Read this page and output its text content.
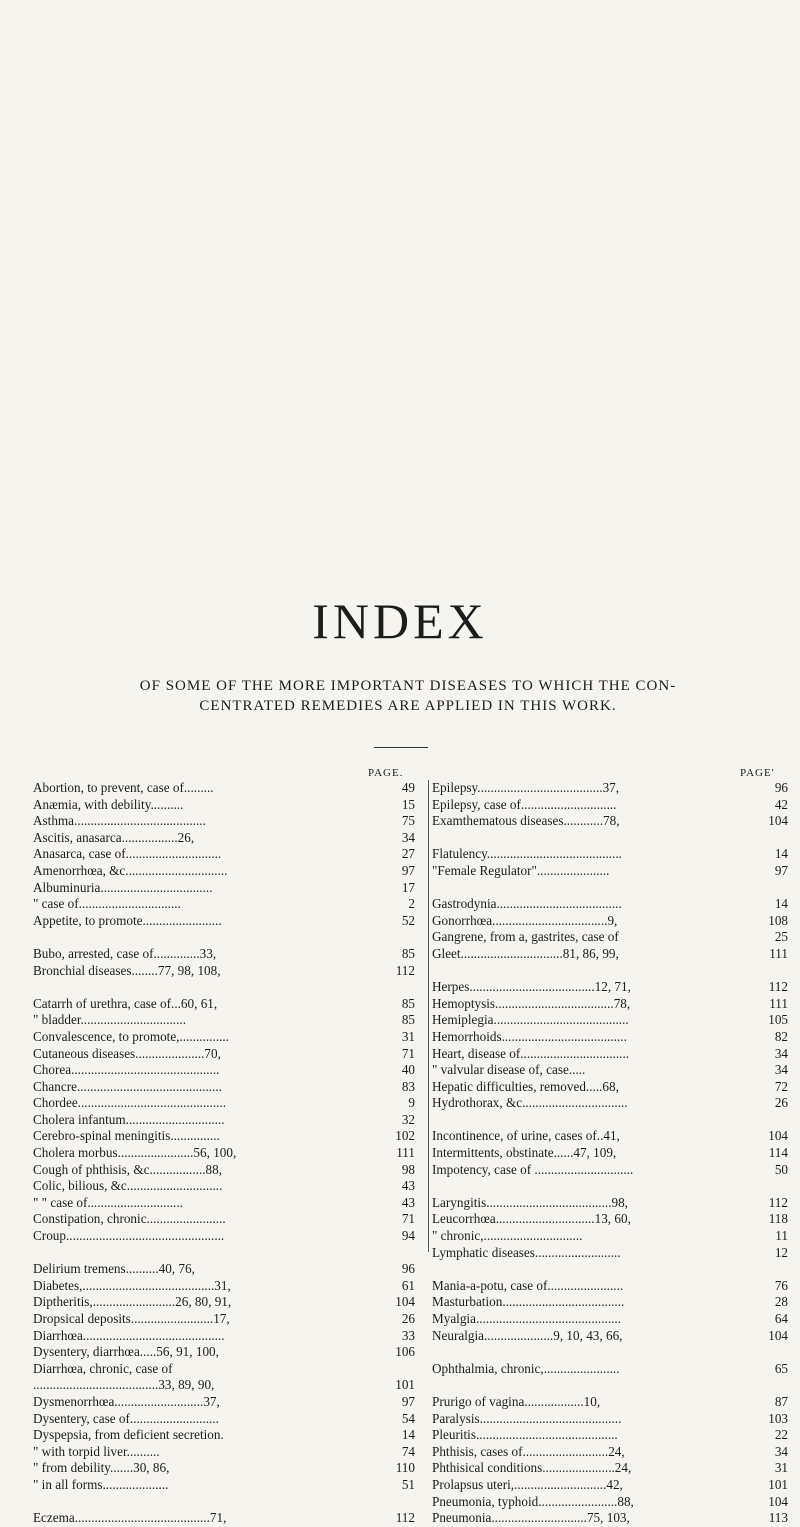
INDEX
OF SOME OF THE MORE IMPORTANT DISEASES TO WHICH THE CON-
CENTRATED REMEDIES ARE APPLIED IN THIS WORK.
PAGE.	PAGE'
Abortion, to prevent, case of.........	49
Anæmia, with debility..........	15
Asthma........................................	75
Ascitis, anasarca.................26,	34
Anasarca, case of.............................	27
Amenorrhœa, &c...............................	97
Albuminuria..................................	17
" case of...............................	2
Appetite, to promote........................	52
Bubo, arrested, case of..............33,	85
Bronchial diseases........77, 98, 108,	112
Catarrh of urethra, case of...60, 61,	85
" bladder................................	85
Convalescence, to promote,...............	31
Cutaneous diseases.....................70,	71
Chorea.............................................	40
Chancre............................................	83
Chordee.............................................	9
Cholera infantum..............................	32
Cerebro-spinal meningitis...............	102
Cholera morbus.......................56, 100,	111
Cough of phthisis, &c.................88,	98
Colic, bilious, &c.............................	43
" " case of.............................	43
Constipation, chronic........................	71
Croup................................................	94
Delirium tremens..........40, 76,	96
Diabetes,........................................31,	61
Diptheritis,.........................26, 80, 91,	104
Dropsical deposits.........................17,	26
Diarrhœa...........................................	33
Dysentery, diarrhœa.....56, 91, 100,	106
Diarrhœa, chronic, case of
......................................33, 89, 90,	101
Dysmenorrhœa...........................37,	97
Dysentery, case of...........................	54
Dyspepsia, from deficient secretion.	14
" with torpid liver..........	74
" from debility.......30, 86,	110
" in all forms....................	51
Eczema.........................................71,	112
Epilepsy......................................37,	96
Epilepsy, case of.............................	42
Examthematous diseases............78,	104
Flatulency.........................................	14
"Female Regulator"......................	97
Gastrodynia......................................	14
Gonorrhœa...................................9,	108
Gangrene, from a, gastrites, case of	25
Gleet...............................81, 86, 99,	111
Herpes......................................12, 71,	112
Hemoptysis....................................78,	111
Hemiplegia.........................................	105
Hemorrhoids......................................	82
Heart, disease of.................................	34
" valvular disease of, case.....	34
Hepatic difficulties, removed.....68,	72
Hydrothorax, &c................................	26
Incontinence, of urine, cases of..41,	104
Intermittents, obstinate......47, 109,	114
Impotency, case of ..............................	50
Laryngitis......................................98,	112
Leucorrhœa..............................13, 60,	118
" chronic,..............................	11
Lymphatic diseases..........................	12
Mania-a-potu, case of.......................	76
Masturbation.....................................	28
Myalgia............................................	64
Neuralgia.....................9, 10, 43, 66,	104
Ophthalmia, chronic,.......................	65
Prurigo of vagina..................10,	87
Paralysis...........................................	103
Pleuritis...........................................	22
Phthisis, cases of..........................24,	34
Phthisical conditions......................24,	31
Prolapsus uteri,............................42,	101
Pneumonia, typhoid........................88,	104
Pneumonia.............................75, 103,	113
